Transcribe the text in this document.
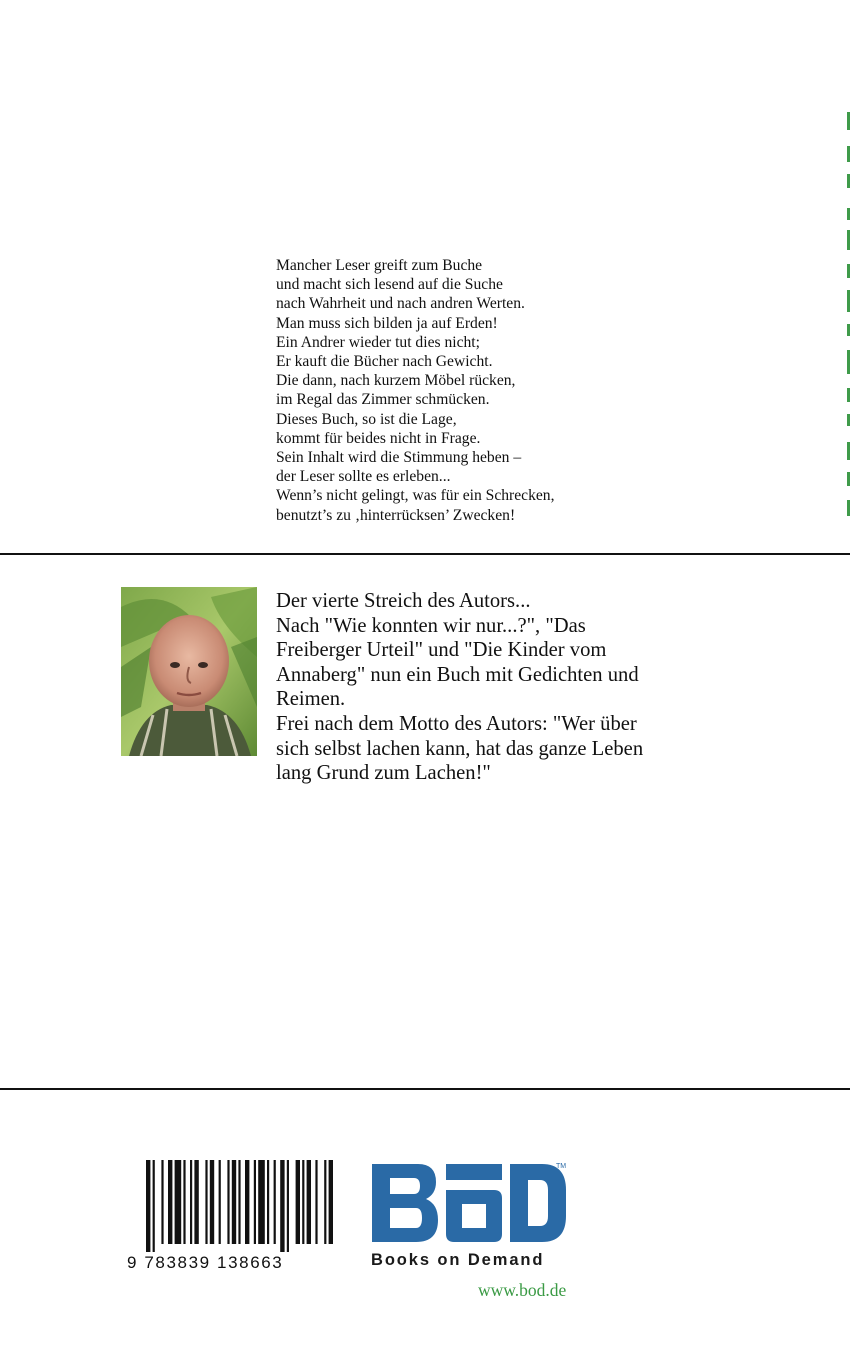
Mancher Leser greift zum Buche
und macht sich lesend auf die Suche
nach Wahrheit und nach andren Werten.
Man muss sich bilden ja auf Erden!
Ein Andrer wieder tut dies nicht;
Er kauft die Bücher nach Gewicht.
Die dann, nach kurzem Möbel rücken,
im Regal das Zimmer schmücken.
Dieses Buch, so ist die Lage,
kommt für beides nicht in Frage.
Sein Inhalt wird die Stimmung heben –
der Leser sollte es erleben...
Wenn’s nicht gelingt, was für ein Schrecken,
benutzt’s zu ‚hinterrücksen’ Zwecken!
Der vierte Streich des Autors...
Nach "Wie konnten wir nur...?", "Das
Freiberger Urteil" und "Die Kinder vom
Annaberg" nun ein Buch mit Gedichten und
Reimen.
Frei nach dem Motto des Autors: "Wer über
sich selbst lachen kann, hat das ganze Leben
lang Grund zum Lachen!"
9 783839 138663
TM
Books on Demand
www.bod.de
